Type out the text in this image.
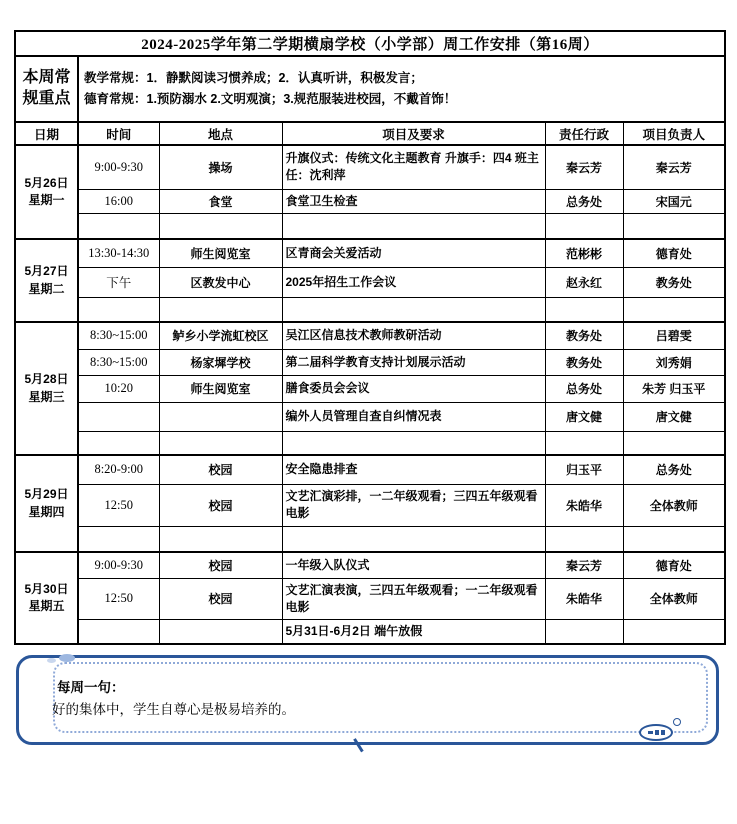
2024-2025学年第二学期横扇学校（小学部）周工作安排（第16周）					

本周常
规重点

教学常规：1．静默阅读习惯养成；2．认真听讲，积极发言；
德育常规：1.预防溺水 2.文明观演；3.规范服装进校园，不戴首饰！

日期	时间	地点	项目及要求	责任行政	项目负责人

5月26日
星期一	9:00-9:30	操场	升旗仪式：传统文化主题教育 升旗手：四4 班主任：沈利萍	秦云芳	秦云芳
	16:00	食堂	食堂卫生检查	总务处	宋国元

5月27日
星期二	13:30-14:30	师生阅览室	区青商会关爱活动	范彬彬	德育处
	下午	区教发中心	2025年招生工作会议	赵永红	教务处

5月28日
星期三	8:30~15:00	鲈乡小学流虹校区	吴江区信息技术教师教研活动	教务处	吕碧雯
	8:30~15:00	杨家墀学校	第二届科学教育支持计划展示活动	教务处	刘秀娟
	10:20	师生阅览室	膳食委员会会议	总务处	朱芳 归玉平
			编外人员管理自查自纠情况表	唐文健	唐文健

5月29日
星期四	8:20-9:00	校园	安全隐患排查	归玉平	总务处
	12:50	校园	文艺汇演彩排，一二年级观看；三四五年级观看电影	朱皓华	全体教师

5月30日
星期五	9:00-9:30	校园	一年级入队仪式	秦云芳	德育处
	12:50	校园	文艺汇演表演，三四五年级观看；一二年级观看电影	朱皓华	全体教师
			5月31日-6月2日 端午放假		
每周一句：
好的集体中，学生自尊心是极易培养的。
